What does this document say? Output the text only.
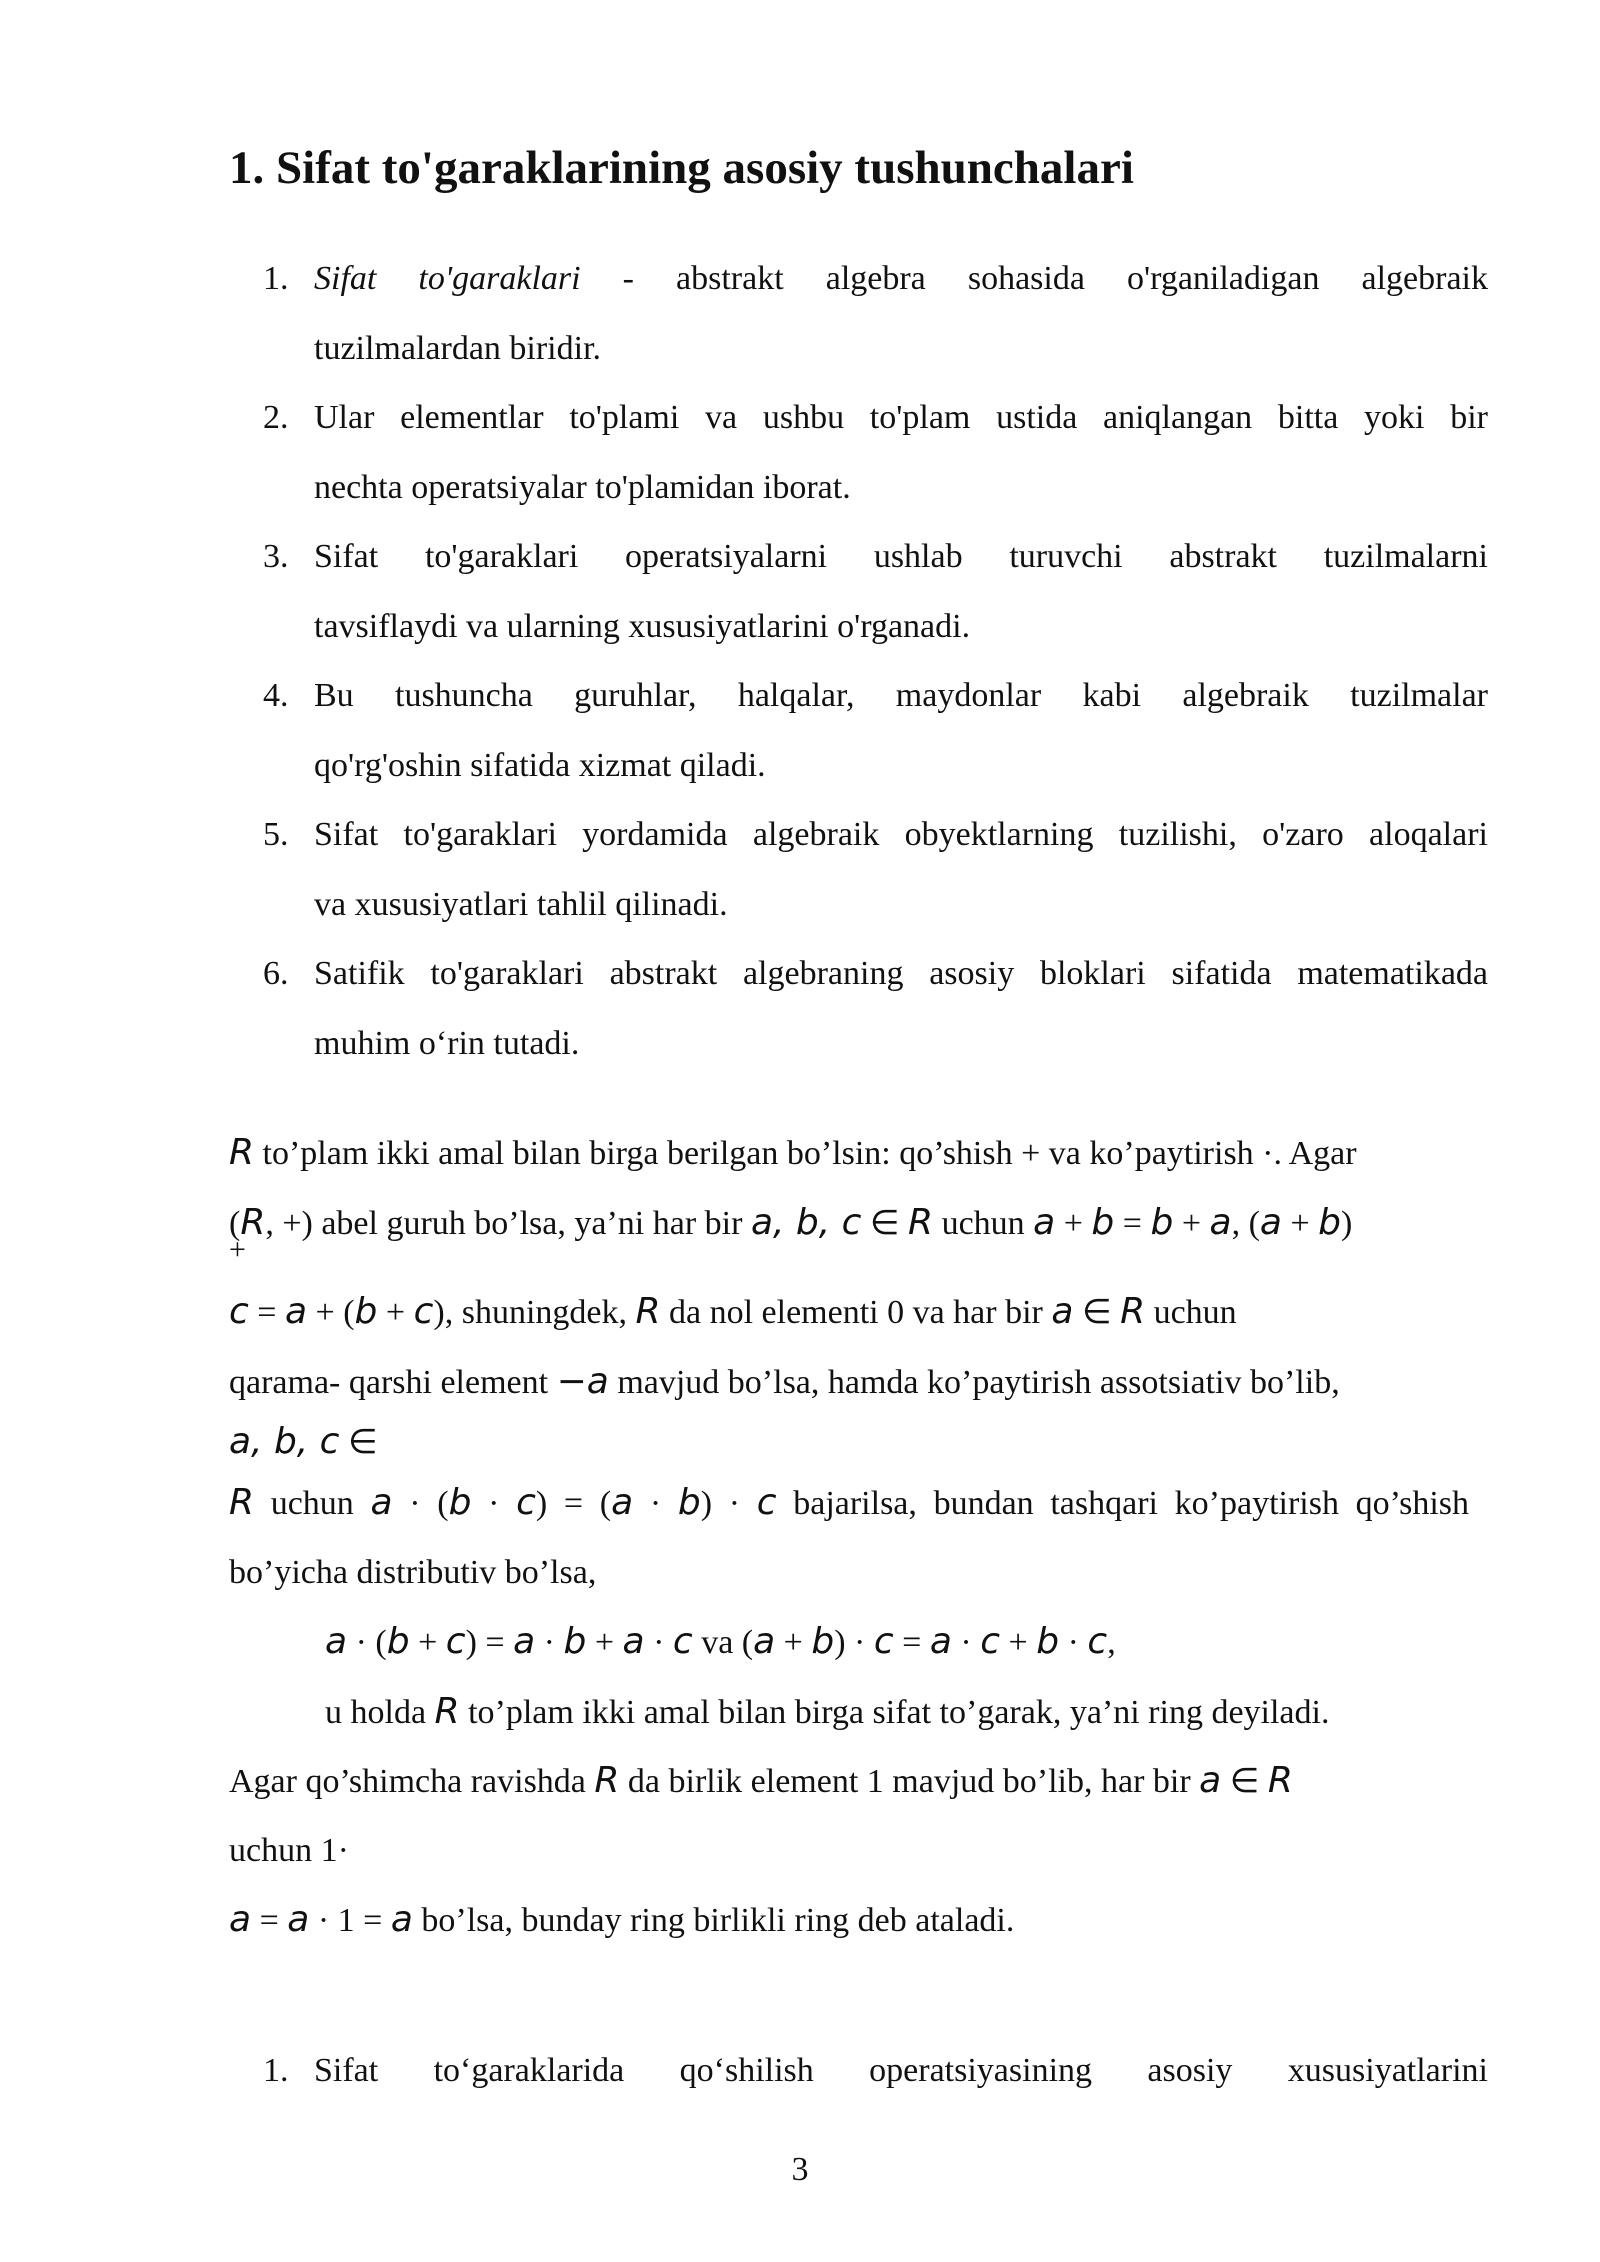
1. Sifat to'garaklarining asosiy tushunchalari
1. Sifat to'garaklari - abstrakt algebra sohasida o'rganiladigan algebraik
tuzilmalardan biridir.
2. Ular elementlar to'plami va ushbu to'plam ustida aniqlangan bitta yoki bir
nechta operatsiyalar to'plamidan iborat.
3. Sifat to'garaklari operatsiyalarni ushlab turuvchi abstrakt tuzilmalarni
tavsiflaydi va ularning xususiyatlarini o'rganadi.
4. Bu tushuncha guruhlar, halqalar, maydonlar kabi algebraik tuzilmalar
qo'rg'oshin sifatida xizmat qiladi.
5. Sifat to'garaklari yordamida algebraik obyektlarning tuzilishi, o'zaro aloqalari
va xususiyatlari tahlil qilinadi.
6. Satifik to'garaklari abstrakt algebraning asosiy bloklari sifatida matematikada
muhim o‘rin tutadi.
R to’plam ikki amal bilan birga berilgan bo’lsin: qo’shish + va ko’paytirish ·. Agar
(R, +) abel guruh bo’lsa, ya’ni har bir a, b, c ∈ R uchun a + b = b + a, (a + b)
+
c = a + (b + c), shuningdek, R da nol elementi 0 va har bir a ∈ R uchun
qarama- qarshi element −a mavjud bo’lsa, hamda ko’paytirish assotsiativ bo’lib,
a, b, c ∈
R uchun a · (b · c) = (a · b) · c bajarilsa, bundan tashqari ko’paytirish qo’shish
bo’yicha distributiv bo’lsa,
a · (b + c) = a · b + a · c va (a + b) · c = a · c + b · c,
u holda R to’plam ikki amal bilan birga sifat to’garak, ya’ni ring deyiladi.
Agar qo’shimcha ravishda R da birlik element 1 mavjud bo’lib, har bir a ∈ R
uchun 1·
a = a · 1 = a bo’lsa, bunday ring birlikli ring deb ataladi.
1. Sifat to‘garaklarida qo‘shilish operatsiyasining asosiy xususiyatlarini
3
